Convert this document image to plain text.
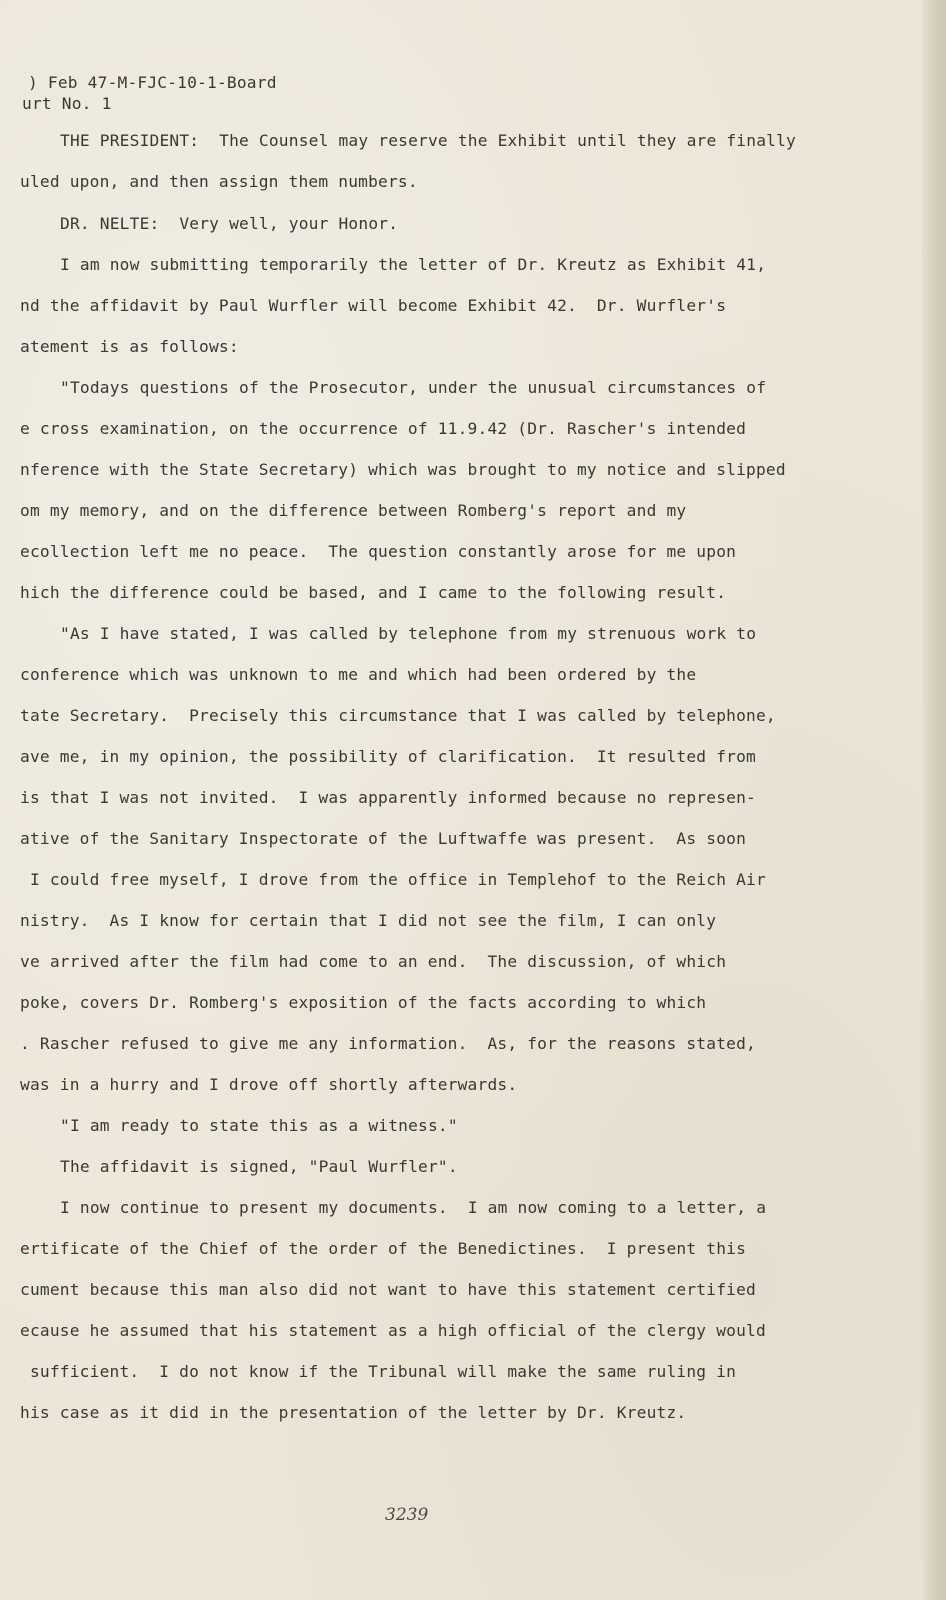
) Feb 47-M-FJC-10-1-Board
urt No. 1
THE PRESIDENT:  The Counsel may reserve the Exhibit until they are finally
uled upon, and then assign them numbers.
DR. NELTE:  Very well, your Honor.
I am now submitting temporarily the letter of Dr. Kreutz as Exhibit 41,
nd the affidavit by Paul Wurfler will become Exhibit 42.  Dr. Wurfler's
atement is as follows:
"Todays questions of the Prosecutor, under the unusual circumstances of
e cross examination, on the occurrence of 11.9.42 (Dr. Rascher's intended
nference with the State Secretary) which was brought to my notice and slipped
om my memory, and on the difference between Romberg's report and my
ecollection left me no peace.  The question constantly arose for me upon
hich the difference could be based, and I came to the following result.
"As I have stated, I was called by telephone from my strenuous work to
conference which was unknown to me and which had been ordered by the
tate Secretary.  Precisely this circumstance that I was called by telephone,
ave me, in my opinion, the possibility of clarification.  It resulted from
is that I was not invited.  I was apparently informed because no represen-
ative of the Sanitary Inspectorate of the Luftwaffe was present.  As soon
I could free myself, I drove from the office in Templehof to the Reich Air
nistry.  As I know for certain that I did not see the film, I can only
ve arrived after the film had come to an end.  The discussion, of which
poke, covers Dr. Romberg's exposition of the facts according to which
. Rascher refused to give me any information.  As, for the reasons stated,
was in a hurry and I drove off shortly afterwards.
"I am ready to state this as a witness."
The affidavit is signed, "Paul Wurfler".
I now continue to present my documents.  I am now coming to a letter, a
ertificate of the Chief of the order of the Benedictines.  I present this
cument because this man also did not want to have this statement certified
ecause he assumed that his statement as a high official of the clergy would
sufficient.  I do not know if the Tribunal will make the same ruling in
his case as it did in the presentation of the letter by Dr. Kreutz.
3239
